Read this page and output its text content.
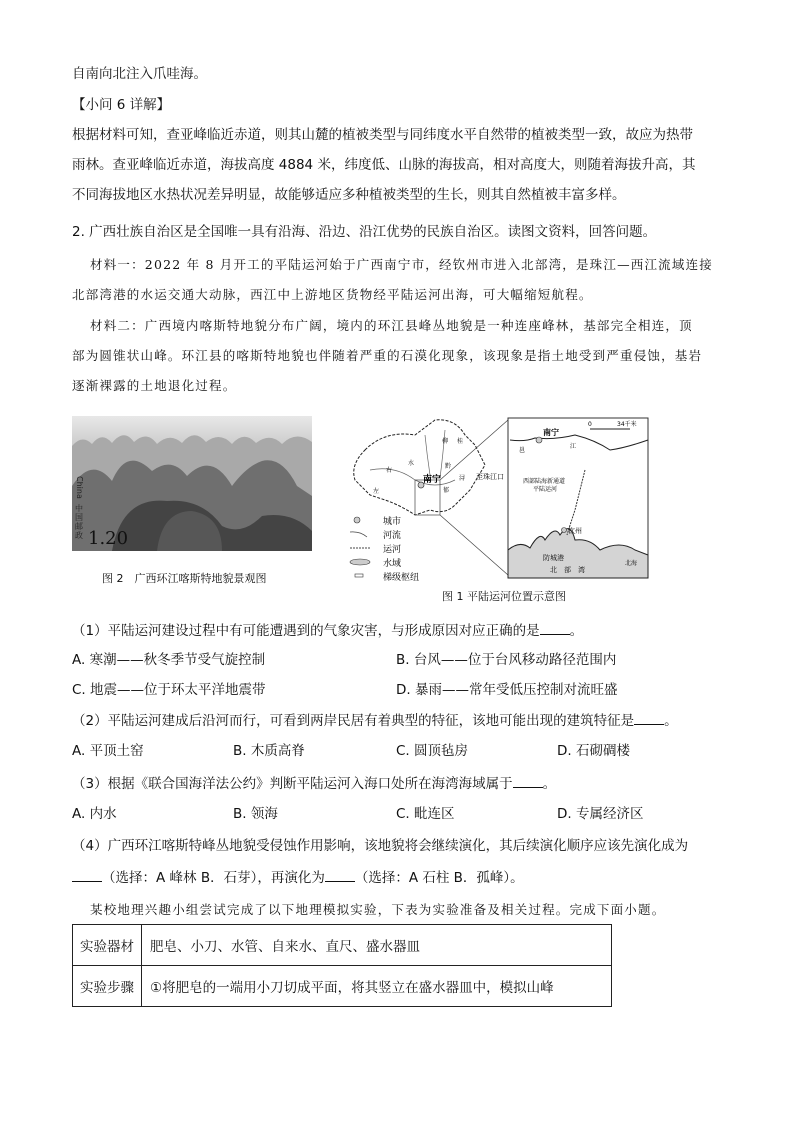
自南向北注入爪哇海。
【小问 6 详解】
根据材料可知，查亚峰临近赤道，则其山麓的植被类型与同纬度水平自然带的植被类型一致，故应为热带
雨林。查亚峰临近赤道，海拔高度 4884 米，纬度低、山脉的海拔高，相对高度大，则随着海拔升高，其
不同海拔地区水热状况差异明显，故能够适应多种植被类型的生长，则其自然植被丰富多样。
2. 广西壮族自治区是全国唯一具有沿海、沿边、沿江优势的民族自治区。读图文资料，回答问题。
材料一：2022 年 8 月开工的平陆运河始于广西南宁市，经钦州市进入北部湾，是珠江—西江流域连接
北部湾港的水运交通大动脉，西江中上游地区货物经平陆运河出海，可大幅缩短航程。
材料二：广西境内喀斯特地貌分布广阔，境内的环江县峰丛地貌是一种连座峰林，基部完全相连，顶
部为圆锥状山峰。环江县的喀斯特地貌也伴随着严重的石漠化现象，该现象是指土地受到严重侵蚀，基岩
逐渐裸露的土地退化过程。
China
中国邮政 1.20
图 2　广西环江喀斯特地貌景观图
南宁
柳 桂
水
右
左
黔
浔
郁
至珠江口
城市
河流
运河
水域
梯级枢纽
0	34千米
南宁
邕
江
西部陆海新通道
平陆运河
钦州
防城港
北　部　湾
北海
图 1 平陆运河位置示意图
（1）平陆运河建设过程中有可能遭遇到的气象灾害，与形成原因对应正确的是 。
A. 寒潮——秋冬季节受气旋控制	B. 台风——位于台风移动路径范围内
C. 地震——位于环太平洋地震带	D. 暴雨——常年受低压控制对流旺盛
（2）平陆运河建成后沿河而行，可看到两岸民居有着典型的特征，该地可能出现的建筑特征是 。
A. 平顶土窑	B. 木质高脊	C. 圆顶毡房	D. 石砌碉楼
（3）根据《联合国海洋法公约》判断平陆运河入海口处所在海湾海域属于 。
A. 内水	B. 领海	C. 毗连区	D. 专属经济区
（4）广西环江喀斯特峰丛地貌受侵蚀作用影响，该地貌将会继续演化，其后续演化顺序应该先演化成为
（选择：A 峰林 B．石芽），再演化为 （选择：A 石柱 B．孤峰）。
某校地理兴趣小组尝试完成了以下地理模拟实验，下表为实验准备及相关过程。完成下面小题。
实验器材	肥皂、小刀、水管、自来水、直尺、盛水器皿
实验步骤	①将肥皂的一端用小刀切成平面，将其竖立在盛水器皿中，模拟山峰
